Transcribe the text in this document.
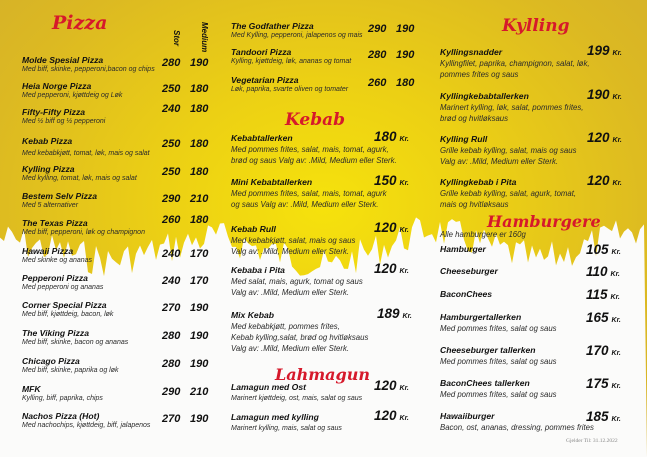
Pizza
Stor Medium
Molde Spesial Pizza
Med biff, skinke, pepperoni,bacon og chips
280 190
Heia Norge Pizza
Med pepperoni, kjøttdeig og Løk
250 180
Fifty-Fifty Pizza
Med ½ biff og ½ pepperoni
240 180
Kebab Pizza
Med kebabkjøtt, tomat, løk, mais og salat
250 180
Kylling Pizza
Med kylling, tomat, løk, mais og salat
250 180
Bestem Selv Pizza
Med 5 alternativer
290 210
The Texas Pizza
Med biff, pepperoni, løk og champignon
260 180
Hawaii Pizza
Med skinke og ananas
240 170
Pepperoni Pizza
Med pepperoni og ananas
240 170
Corner Special Pizza
Med biff, kjøttdeig, bacon, løk
270 190
The Viking Pizza
Med biff, skinke, bacon og ananas
280 190
Chicago Pizza
Med biff, skinke, paprika og løk
280 190
MFK
Kylling, biff, paprika, chips
290 210
Nachos Pizza (Hot)
Med nachochips, kjøttdeig, biff, jalapenos
270 190
The Godfather Pizza
Med Kylling, pepperoni, jalapenos og mais
290 190
Tandoori Pizza
Kylling, kjøttdeig, løk, ananas og tomat
280 190
Vegetarian Pizza
Løk, paprika, svarte oliven og tomater
260 180
Kebab
Kebabtallerken
Med pommes frites, salat, mais, tomat, agurk,
brød og saus Valg av: .Mild, Medium eller Sterk.
180 Kr.
Mini Kebabtallerken
Med pommes frites, salat, mais, tomat, agurk
og saus Valg av: .Mild, Medium eller Sterk.
150 Kr.
Kebab Rull
Med kebabkjøtt, salat, mais og saus
Valg av: .Mild, Medium eller Sterk.
120 Kr.
Kebaba i Pita
Med salat, mais, agurk, tomat og saus
Valg av: .Mild, Medium eller Sterk.
120 Kr.
Mix Kebab
Med kebabkjøtt, pommes frites,
Kebab kylling,salat, brød og hvitløksaus
Valg av: .Mild, Medium eller Sterk.
189 Kr.
Lahmagun
Lamagun med Ost
Marinert kjøttdeig, ost, mais, salat og saus
120 Kr.
Lamagun med kylling
Marinert kylling, mais, salat og saus
120 Kr.
Kylling
Kyllingsnadder
Kyllingfilet, paprika, champignon, salat, løk,
pommes frites og saus
199 Kr.
Kyllingkebabtallerken
Marinert kylling, løk, salat, pommes frites,
brød og hvitløksaus
190 Kr.
Kylling Rull
Grille kebab kylling, salat, mais og saus
Valg av: .Mild, Medium eller Sterk.
120 Kr.
Kyllingkebab i Pita
Grille kebab kylling, salat, agurk, tomat,
mais og hvitløksaus
120 Kr.
Hamburgere
Alle hamburgere er 160g
Hamburger	105 Kr.
Cheeseburger	110 Kr.
BaconChees	115 Kr.
Hamburgertallerken
Med pommes frites, salat og saus
165 Kr.
Cheeseburger tallerken
Med pommes frites, salat og saus
170 Kr.
BaconChees tallerken
Med pommes frites, salat og saus
175 Kr.
Hawaiiburger
Bacon, ost, ananas, dressing, pommes frites
185 Kr.
Gjelder Til: 31.12.2022
